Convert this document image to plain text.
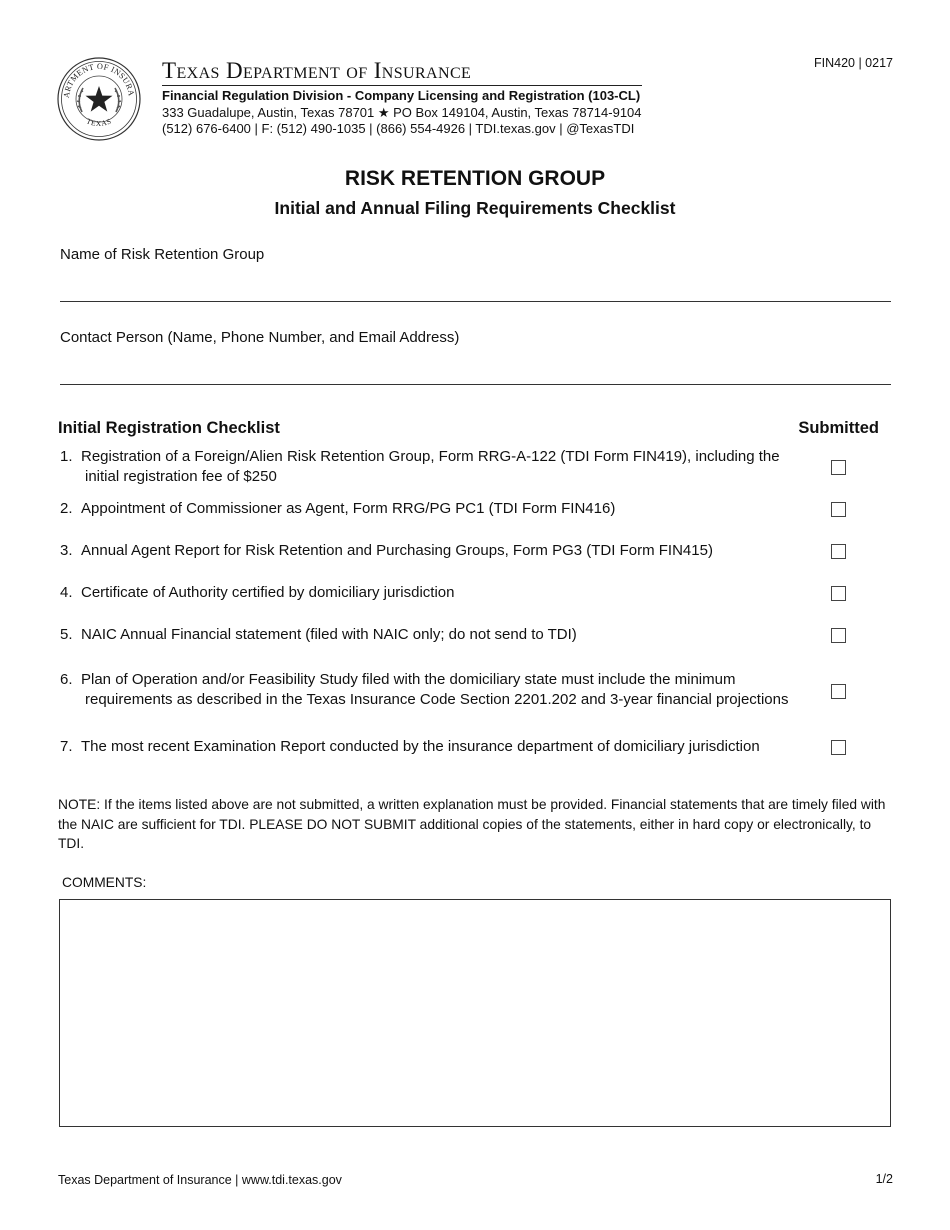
ARTMENT OF INSURA
TEXAS
Texas Department of Insurance
Financial Regulation Division - Company Licensing and Registration (103-CL)
333 Guadalupe, Austin, Texas 78701 ★ PO Box 149104, Austin, Texas 78714-9104
(512) 676-6400 | F: (512) 490-1035 | (866) 554-4926 | TDI.texas.gov | @TexasTDI
FIN420 | 0217
RISK RETENTION GROUP
Initial and Annual Filing Requirements Checklist
Name of Risk Retention Group
Contact Person (Name, Phone Number, and Email Address)
Initial Registration Checklist	Submitted
1. Registration of a Foreign/Alien Risk Retention Group, Form RRG-A-122 (TDI Form FIN419), including the
initial registration fee of $250
2. Appointment of Commissioner as Agent, Form RRG/PG PC1 (TDI Form FIN416)
3. Annual Agent Report for Risk Retention and Purchasing Groups, Form PG3 (TDI Form FIN415)
4. Certificate of Authority certified by domiciliary jurisdiction
5. NAIC Annual Financial statement (filed with NAIC only; do not send to TDI)
6. Plan of Operation and/or Feasibility Study filed with the domiciliary state must include the minimum
requirements as described in the Texas Insurance Code Section 2201.202 and 3-year financial projections
7. The most recent Examination Report conducted by the insurance department of domiciliary jurisdiction
NOTE: If the items listed above are not submitted, a written explanation must be provided. Financial statements that are timely filed with the NAIC are sufficient for TDI. PLEASE DO NOT SUBMIT additional copies of the statements, either in hard copy or electronically, to TDI.
COMMENTS:
Texas Department of Insurance | www.tdi.texas.gov	1/2
